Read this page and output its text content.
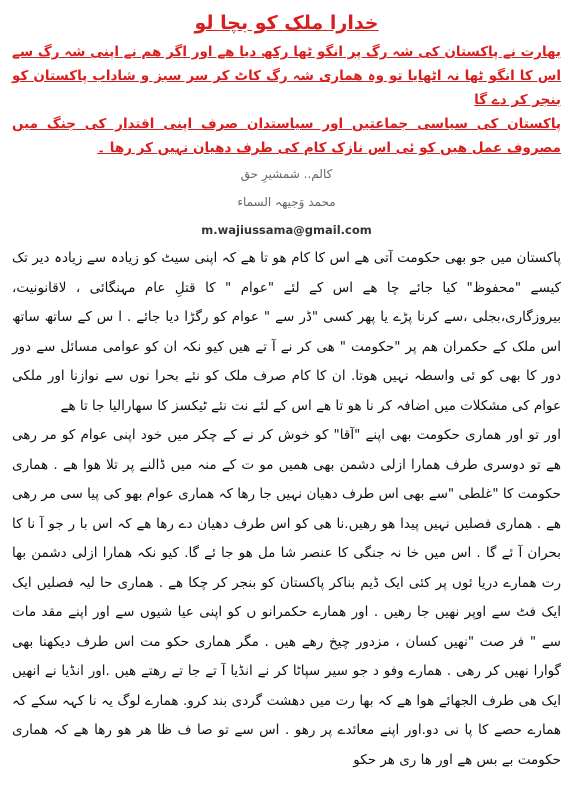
خدارا ملک کو بچا لو

بھارت نے پاکستان کی شہ رگ پر انگو ٹھا رکھ دیا ھے اور اگر ھم نے اپنی شہ رگ سے اس کا انگو ٹھا نہ اٹھایا تو وہ ھماری شہ رگ کاٹ کر سر سبز و شاداب پاکستان کو بنجر کر دے گا

پاکستان کی سیاسی جماعتیں اور سیاستدان صرف اپنی اقتدار کی جنگ میں مصروف عمل ھیں کو ئی اس نازک کام کی طرف دھیان نہیں کر رھا ۔

کالم.. شمشیرِ حق
محمد وَجیھہ السماء
m.wajiussama@gmail.com

پاکستان میں جو بھی حکومت آتی ھے اس کا کام ھو تا ھے کہ اپنی سیٹ کو زیادہ سے زیادہ دیر تک کیسے "محفوظ" کیا جائے چا ھے اس کے لئے "عوام " کا قتلِ عام مہنگائی ، لاقانونیت، بیروزگاری،بجلی ،سے کرنا پڑے یا پھر کسی "ڈر سے " عوام کو رگڑا دیا جائے . ا س کے ساتھ ساتھ اس ملک کے حکمران ھم پر "حکومت " ھی کر نے آ تے ھیں کیو نکہ ان کو عوامی مسائل سے دور دور کا بھی کو ئی واسطہ نہیں ھوتا. ان کا کام صرف ملک کو نئے بحرا نوں سے نوازنا اور ملکی عوام کی مشکلات میں اضافہ کر نا ھو تا ھے اس کے لئے نت نئے ٹیکسز کا سھارالیا جا تا ھے

اور تو اور ھماری حکومت بھی اپنے "آقا" کو خوش کر نے کے چکر میں خود اپنی عوام کو مر رھی ھے تو دوسری طرف ھمارا ازلی دشمن بھی ھمیں مو ت کے منہ میں ڈالنے پر تلا ھوا ھے . ھماری حکومت کا "غلطی "سے بھی اس طرف دھیان نہیں جا رھا کہ ھماری عوام بھو کی پیا سی مر رھی ھے . ھماری فصلیں نہیں پیدا ھو رھیں.نا ھی کو اس طرف دھیان دے رھا ھے کہ اس با ر جو آ نا کا بحران آ ئے گا . اس میں خا نہ جنگی کا عنصر شا مل ھو جا ئے گا. کیو نکہ ھمارا ازلی دشمن بھا رت ھمارے دریا ئوں پر کئی ایک ڈیم بناکر پاکستان کو بنجر کر چکا ھے . ھماری حا لیہ فصلیں ایک ایک فٹ سے اوپر نھیں جا رھیں . اور ھمارے حکمرانو ں کو اپنی عیا شیوں سے اور اپنے مقد مات سے " فر صت "نھیں کسان ، مزدور چیخ رھے ھیں . مگر ھماری حکو مت اس طرف دیکھنا بھی گوارا نھیں کر رھی . ھمارے وفو د جو سیر سپاٹا کر نے انڈیا آ تے جا تے رھتے ھیں .اور انڈیا نے انھیں ایک ھی طرف الجھائے ھوا ھے کہ بھا رت میں دھشت گردی بند کرو. ھمارے لوگ یہ نا کہہ سکے کہ ھمارے حصے کا پا نی دو.اور اپنے معائدے پر رھو . اس سے تو صا ف ظا ھر ھو رھا ھے کہ ھماری حکومت بے بس ھے اور ھا ری ھر حکو
